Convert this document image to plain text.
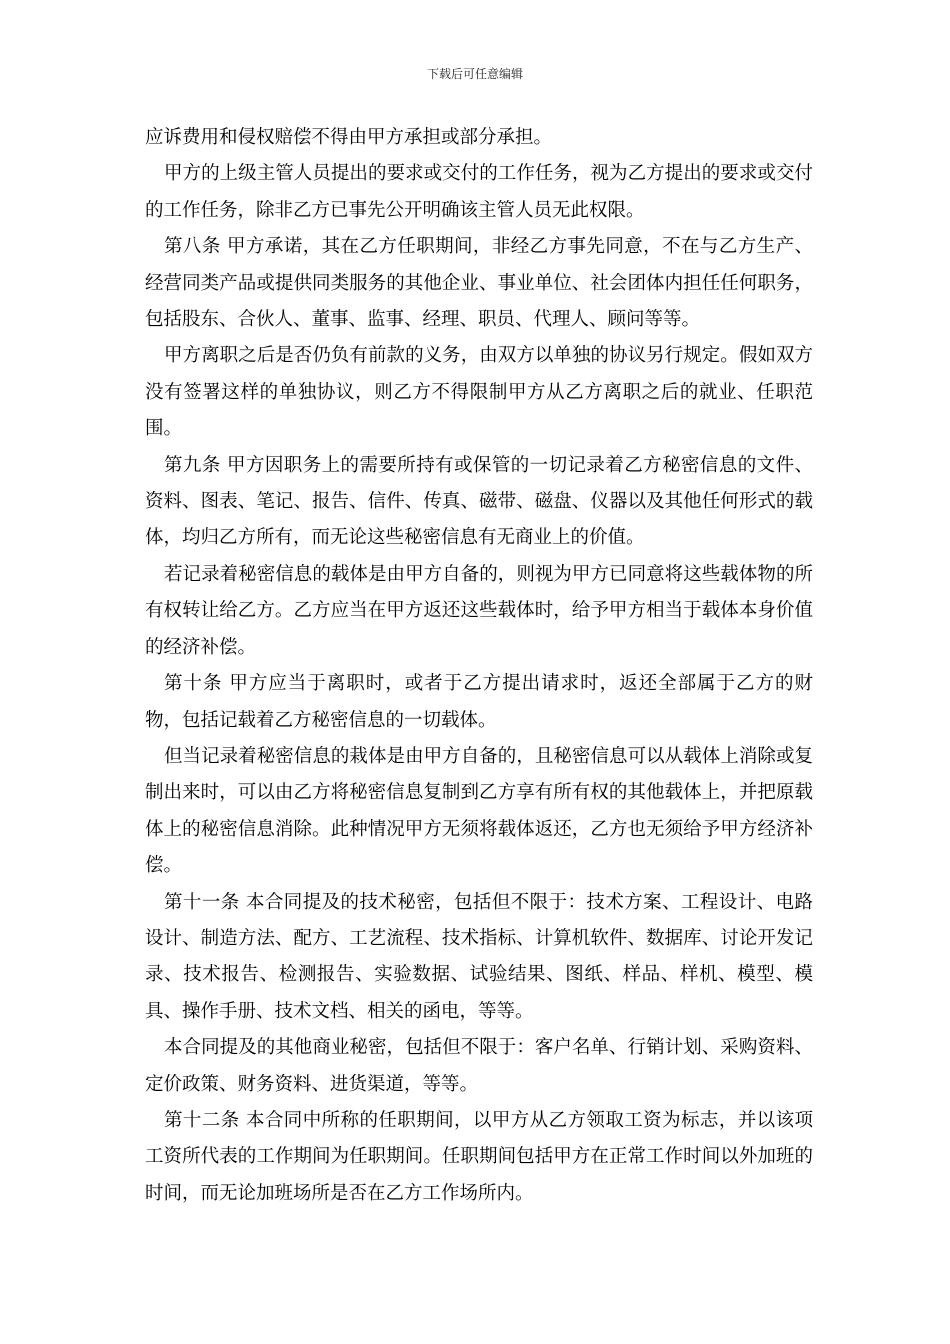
下载后可任意编辑

应诉费用和侵权赔偿不得由甲方承担或部分承担。

甲方的上级主管人员提出的要求或交付的工作任务，视为乙方提出的要求或交付的工作任务，除非乙方已事先公开明确该主管人员无此权限。

第八条 甲方承诺，其在乙方任职期间，非经乙方事先同意，不在与乙方生产、经营同类产品或提供同类服务的其他企业、事业单位、社会团体内担任任何职务，包括股东、合伙人、董事、监事、经理、职员、代理人、顾问等等。

甲方离职之后是否仍负有前款的义务，由双方以单独的协议另行规定。假如双方没有签署这样的单独协议，则乙方不得限制甲方从乙方离职之后的就业、任职范围。

第九条 甲方因职务上的需要所持有或保管的一切记录着乙方秘密信息的文件、资料、图表、笔记、报告、信件、传真、磁带、磁盘、仪器以及其他任何形式的载体，均归乙方所有，而无论这些秘密信息有无商业上的价值。

若记录着秘密信息的载体是由甲方自备的，则视为甲方已同意将这些载体物的所有权转让给乙方。乙方应当在甲方返还这些载体时，给予甲方相当于载体本身价值的经济补偿。

第十条 甲方应当于离职时，或者于乙方提出请求时，返还全部属于乙方的财物，包括记载着乙方秘密信息的一切载体。

但当记录着秘密信息的栽体是由甲方自备的，且秘密信息可以从载体上消除或复制出来时，可以由乙方将秘密信息复制到乙方享有所有权的其他载体上，并把原载体上的秘密信息消除。此种情况甲方无须将载体返还，乙方也无须给予甲方经济补偿。

第十一条 本合同提及的技术秘密，包括但不限于：技术方案、工程设计、电路设计、制造方法、配方、工艺流程、技术指标、计算机软件、数据库、讨论开发记录、技术报告、检测报告、实验数据、试验结果、图纸、样品、样机、模型、模具、操作手册、技术文档、相关的函电，等等。

本合同提及的其他商业秘密，包括但不限于：客户名单、行销计划、采购资料、定价政策、财务资料、进货渠道，等等。

第十二条 本合同中所称的任职期间，以甲方从乙方领取工资为标志，并以该项工资所代表的工作期间为任职期间。任职期间包括甲方在正常工作时间以外加班的时间，而无论加班场所是否在乙方工作场所内。
